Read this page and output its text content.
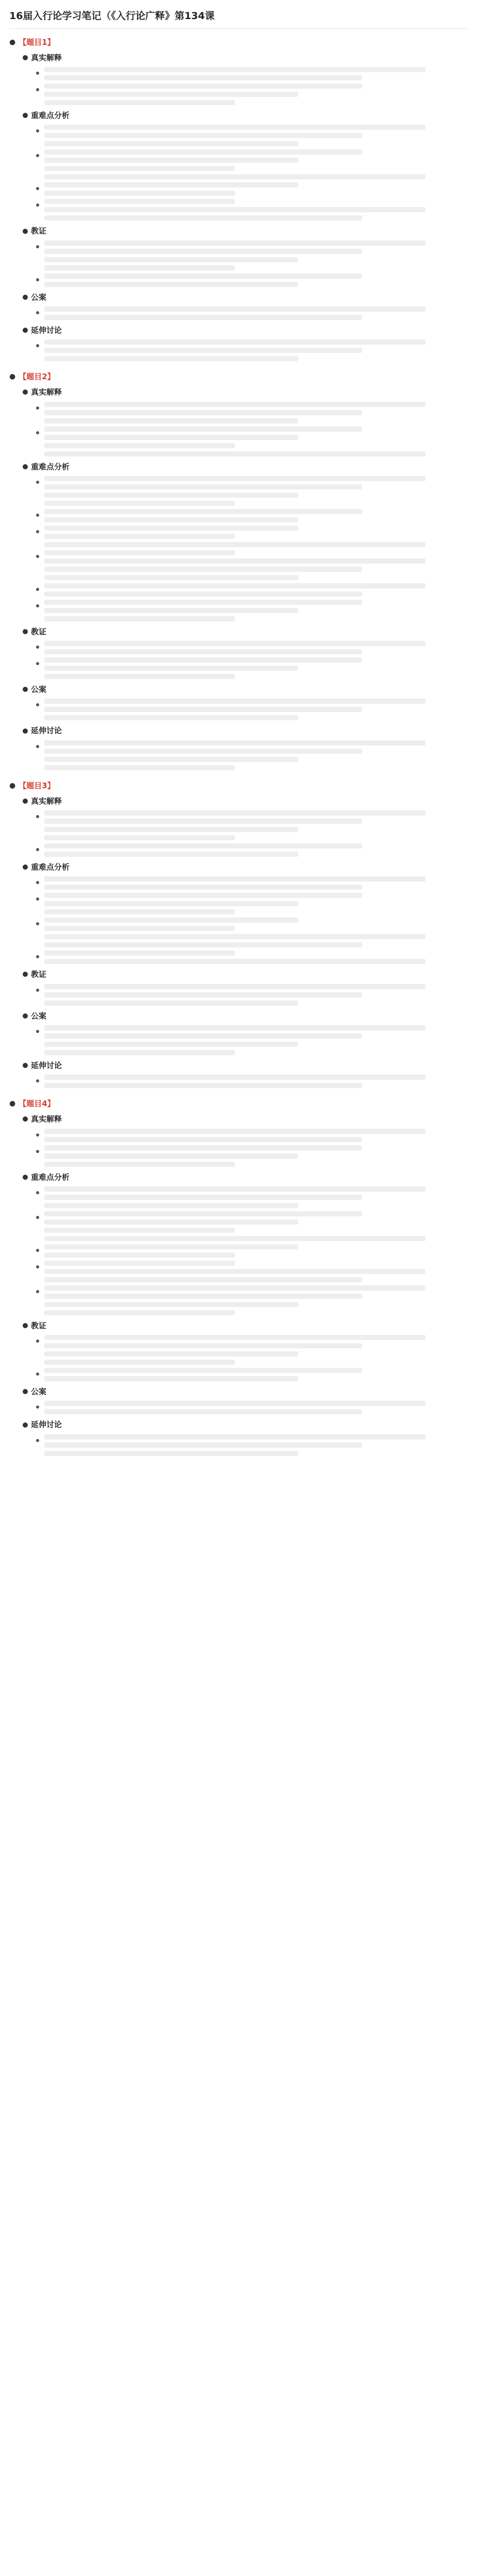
16届入行论学习笔记（《入行论广释》第134课
● 【题目1】
真实解释
重难点分析
教证
公案
延伸讨论
● 【题目2】
真实解释
重难点分析
教证
公案
延伸讨论
● 【题目3】
真实解释
重难点分析
教证
公案
延伸讨论
● 【题目4】
真实解释
重难点分析
教证
公案
延伸讨论
